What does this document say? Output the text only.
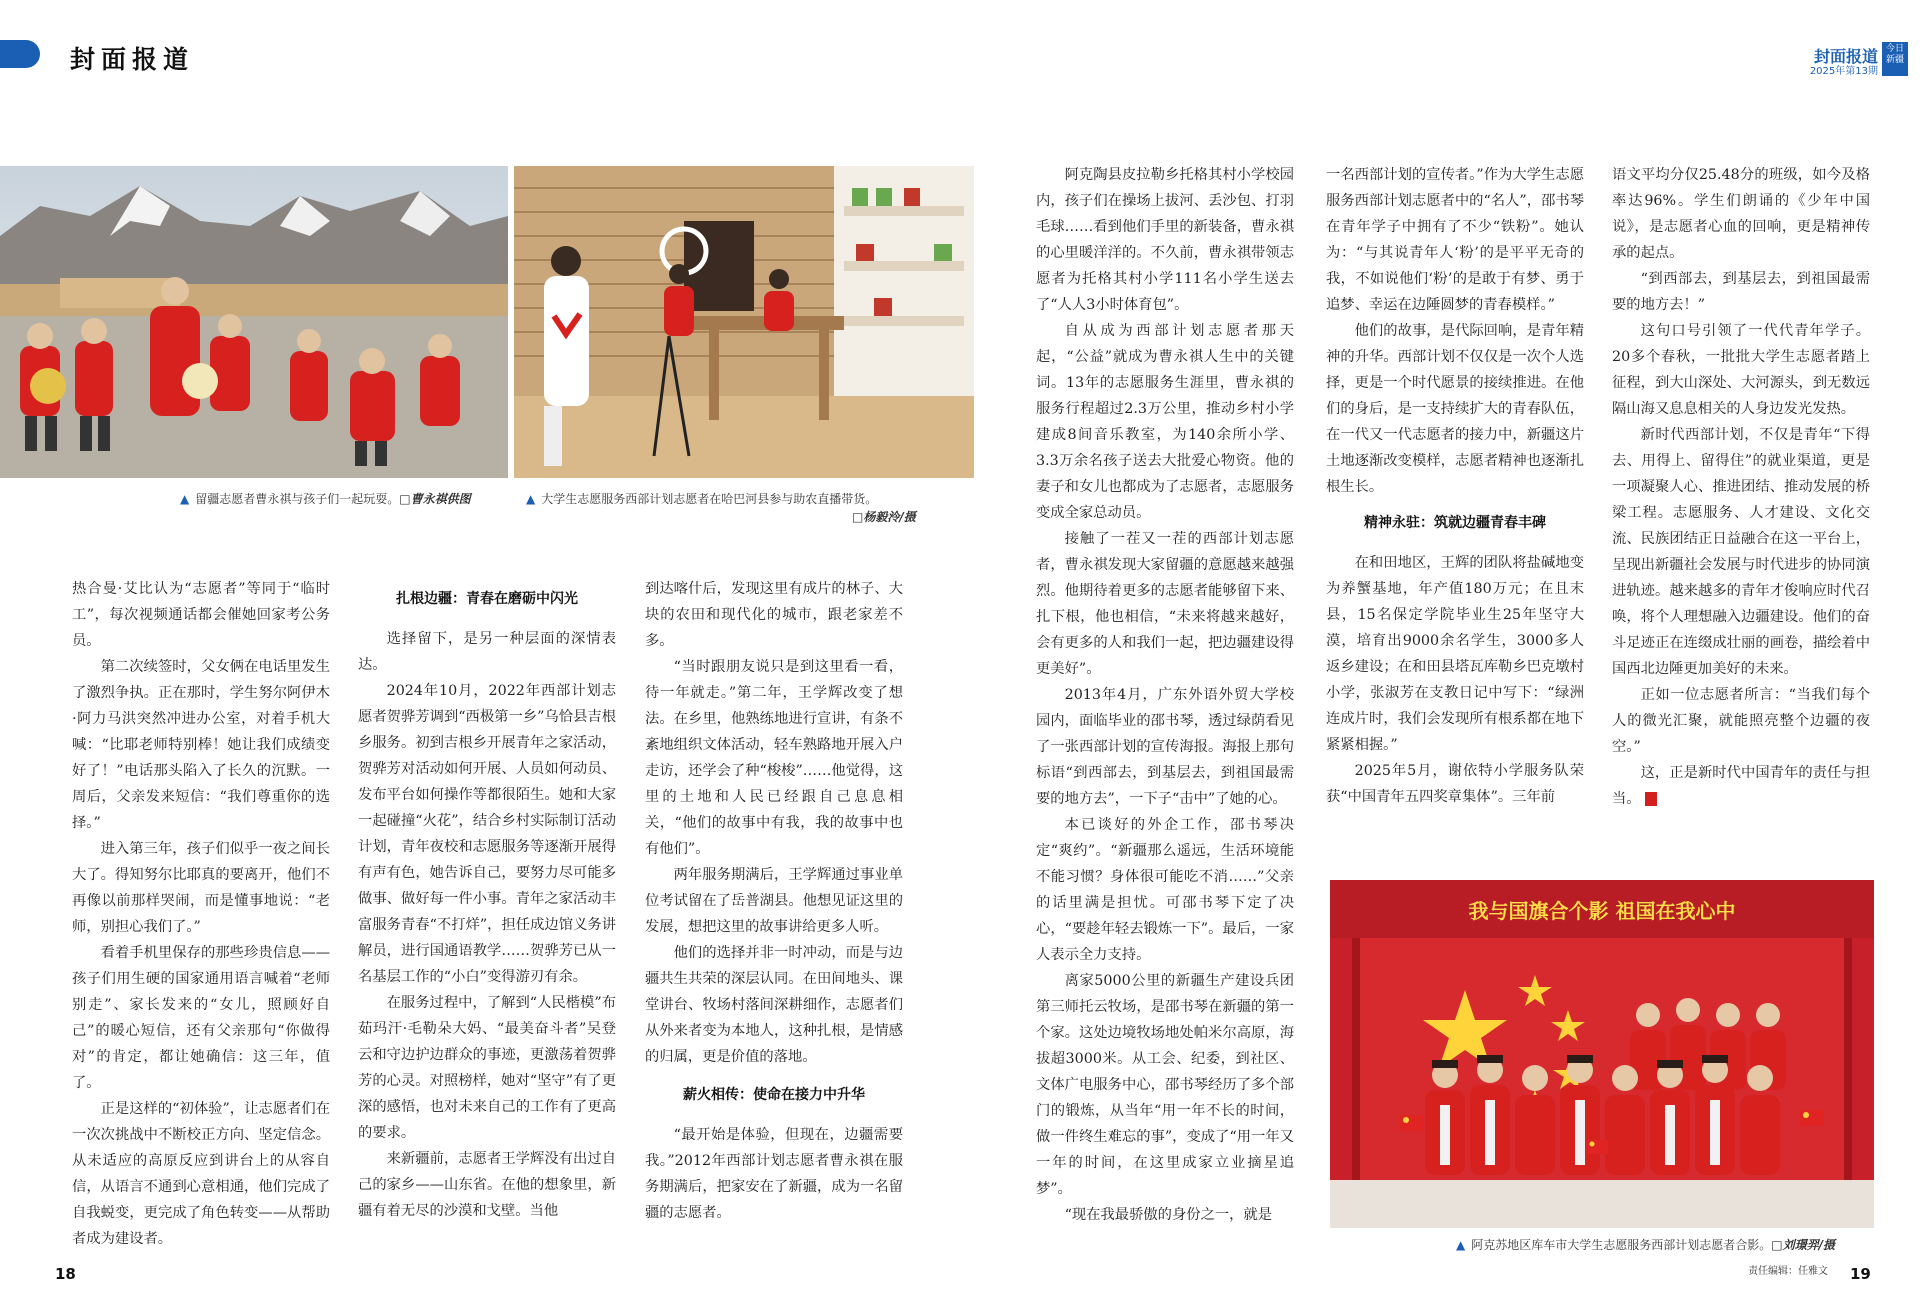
封面报道	封面报道
2025年第13期
今日新疆
▲ 留疆志愿者曹永祺与孩子们一起玩耍。□曹永祺供图	▲ 大学生志愿服务西部计划志愿者在哈巴河县参与助农直播带货。
□杨毅泠/摄

热合曼·艾比认为“志愿者”等同于“临时工”，每次视频通话都会催她回家考公务员。

第二次续签时，父女俩在电话里发生了激烈争执。正在那时，学生努尔阿伊木·阿力马洪突然冲进办公室，对着手机大喊：“比耶老师特别棒！她让我们成绩变好了！”电话那头陷入了长久的沉默。一周后，父亲发来短信：“我们尊重你的选择。”

进入第三年，孩子们似乎一夜之间长大了。得知努尔比耶真的要离开，他们不再像以前那样哭闹，而是懂事地说：“老师，别担心我们了。”

看着手机里保存的那些珍贵信息——孩子们用生硬的国家通用语言喊着“老师别走”、家长发来的“女儿，照顾好自己”的暖心短信，还有父亲那句“你做得对”的肯定，都让她确信：这三年，值了。

正是这样的“初体验”，让志愿者们在一次次挑战中不断校正方向、坚定信念。从未适应的高原反应到讲台上的从容自信，从语言不通到心意相通，他们完成了自我蜕变，更完成了角色转变——从帮助者成为建设者。

扎根边疆：青春在磨砺中闪光

选择留下，是另一种层面的深情表达。

2024年10月，2022年西部计划志愿者贺骅芳调到“西极第一乡”乌恰县吉根乡服务。初到吉根乡开展青年之家活动，贺骅芳对活动如何开展、人员如何动员、发布平台如何操作等都很陌生。她和大家一起碰撞“火花”，结合乡村实际制订活动计划，青年夜校和志愿服务等逐渐开展得有声有色，她告诉自己，要努力尽可能多做事、做好每一件小事。青年之家活动丰富服务青春“不打烊”，担任成边馆义务讲解员，进行国通语教学……贺骅芳已从一名基层工作的“小白”变得游刃有余。

在服务过程中，了解到“人民楷模”布茹玛汗·毛勒朵大妈、“最美奋斗者”吴登云和守边护边群众的事迹，更激荡着贺骅芳的心灵。对照榜样，她对“坚守”有了更深的感悟，也对未来自己的工作有了更高的要求。

来新疆前，志愿者王学辉没有出过自己的家乡——山东省。在他的想象里，新疆有着无尽的沙漠和戈壁。当他

到达喀什后，发现这里有成片的林子、大块的农田和现代化的城市，跟老家差不多。

“当时跟朋友说只是到这里看一看，待一年就走。”第二年，王学辉改变了想法。在乡里，他熟练地进行宣讲，有条不紊地组织文体活动，轻车熟路地开展入户走访，还学会了种“梭梭”……他觉得，这里的土地和人民已经跟自己息息相关，“他们的故事中有我，我的故事中也有他们”。

两年服务期满后，王学辉通过事业单位考试留在了岳普湖县。他想见证这里的发展，想把这里的故事讲给更多人听。

他们的选择并非一时冲动，而是与边疆共生共荣的深层认同。在田间地头、课堂讲台、牧场村落间深耕细作，志愿者们从外来者变为本地人，这种扎根，是情感的归属，更是价值的落地。

薪火相传：使命在接力中升华

“最开始是体验，但现在，边疆需要我。”2012年西部计划志愿者曹永祺在服务期满后，把家安在了新疆，成为一名留疆的志愿者。

阿克陶县皮拉勒乡托格其村小学校园内，孩子们在操场上拔河、丢沙包、打羽毛球……看到他们手里的新装备，曹永祺的心里暖洋洋的。不久前，曹永祺带领志愿者为托格其村小学111名小学生送去了“人人3小时体育包”。

自从成为西部计划志愿者那天起，“公益”就成为曹永祺人生中的关键词。13年的志愿服务生涯里，曹永祺的服务行程超过2.3万公里，推动乡村小学建成8间音乐教室，为140余所小学、3.3万余名孩子送去大批爱心物资。他的妻子和女儿也都成为了志愿者，志愿服务变成全家总动员。

接触了一茬又一茬的西部计划志愿者，曹永祺发现大家留疆的意愿越来越强烈。他期待着更多的志愿者能够留下来、扎下根，他也相信，“未来将越来越好，会有更多的人和我们一起，把边疆建设得更美好”。

2013年4月，广东外语外贸大学校园内，面临毕业的邵书琴，透过绿荫看见了一张西部计划的宣传海报。海报上那句标语“到西部去，到基层去，到祖国最需要的地方去”，一下子“击中”了她的心。

本已谈好的外企工作，邵书琴决定“爽约”。“新疆那么遥远，生活环境能不能习惯？身体很可能吃不消……”父亲的话里满是担忧。可邵书琴下定了决心，“要趁年轻去锻炼一下”。最后，一家人表示全力支持。

离家5000公里的新疆生产建设兵团第三师托云牧场，是邵书琴在新疆的第一个家。这处边境牧场地处帕米尔高原，海拔超3000米。从工会、纪委，到社区、文体广电服务中心，邵书琴经历了多个部门的锻炼，从当年“用一年不长的时间，做一件终生难忘的事”，变成了“用一年又一年的时间，在这里成家立业摘星追梦”。

“现在我最骄傲的身份之一，就是

一名西部计划的宣传者。”作为大学生志愿服务西部计划志愿者中的“名人”，邵书琴在青年学子中拥有了不少“铁粉”。她认为：“与其说青年人‘粉’的是平平无奇的我，不如说他们‘粉’的是敢于有梦、勇于追梦、幸运在边陲圆梦的青春模样。”

他们的故事，是代际回响，是青年精神的升华。西部计划不仅仅是一次个人选择，更是一个时代愿景的接续推进。在他们的身后，是一支持续扩大的青春队伍，在一代又一代志愿者的接力中，新疆这片土地逐渐改变模样，志愿者精神也逐渐扎根生长。

精神永驻：筑就边疆青春丰碑

在和田地区，王辉的团队将盐碱地变为养蟹基地，年产值180万元；在且末县，15名保定学院毕业生25年坚守大漠，培育出9000余名学生，3000多人返乡建设；在和田县塔瓦库勒乡巴克墩村小学，张淑芳在支教日记中写下：“绿洲连成片时，我们会发现所有根系都在地下紧紧相握。”

2025年5月，谢依特小学服务队荣获“中国青年五四奖章集体”。三年前

语文平均分仅25.48分的班级，如今及格率达96%。学生们朗诵的《少年中国说》，是志愿者心血的回响，更是精神传承的起点。

“到西部去，到基层去，到祖国最需要的地方去！”

这句口号引领了一代代青年学子。20多个春秋，一批批大学生志愿者踏上征程，到大山深处、大河源头，到无数远隔山海又息息相关的人身边发光发热。

新时代西部计划，不仅是青年“下得去、用得上、留得住”的就业渠道，更是一项凝聚人心、推进团结、推动发展的桥梁工程。志愿服务、人才建设、文化交流、民族团结正日益融合在这一平台上，呈现出新疆社会发展与时代进步的协同演进轨迹。越来越多的青年才俊响应时代召唤，将个人理想融入边疆建设。他们的奋斗足迹正在连缀成壮丽的画卷，描绘着中国西北边陲更加美好的未来。

正如一位志愿者所言：“当我们每个人的微光汇聚，就能照亮整个边疆的夜空。”

这，正是新时代中国青年的责任与担当。

我与国旗合个影 祖国在我心中
▲ 阿克苏地区库车市大学生志愿服务西部计划志愿者合影。□刘璟羿/摄
18	19
责任编辑：任雅文
